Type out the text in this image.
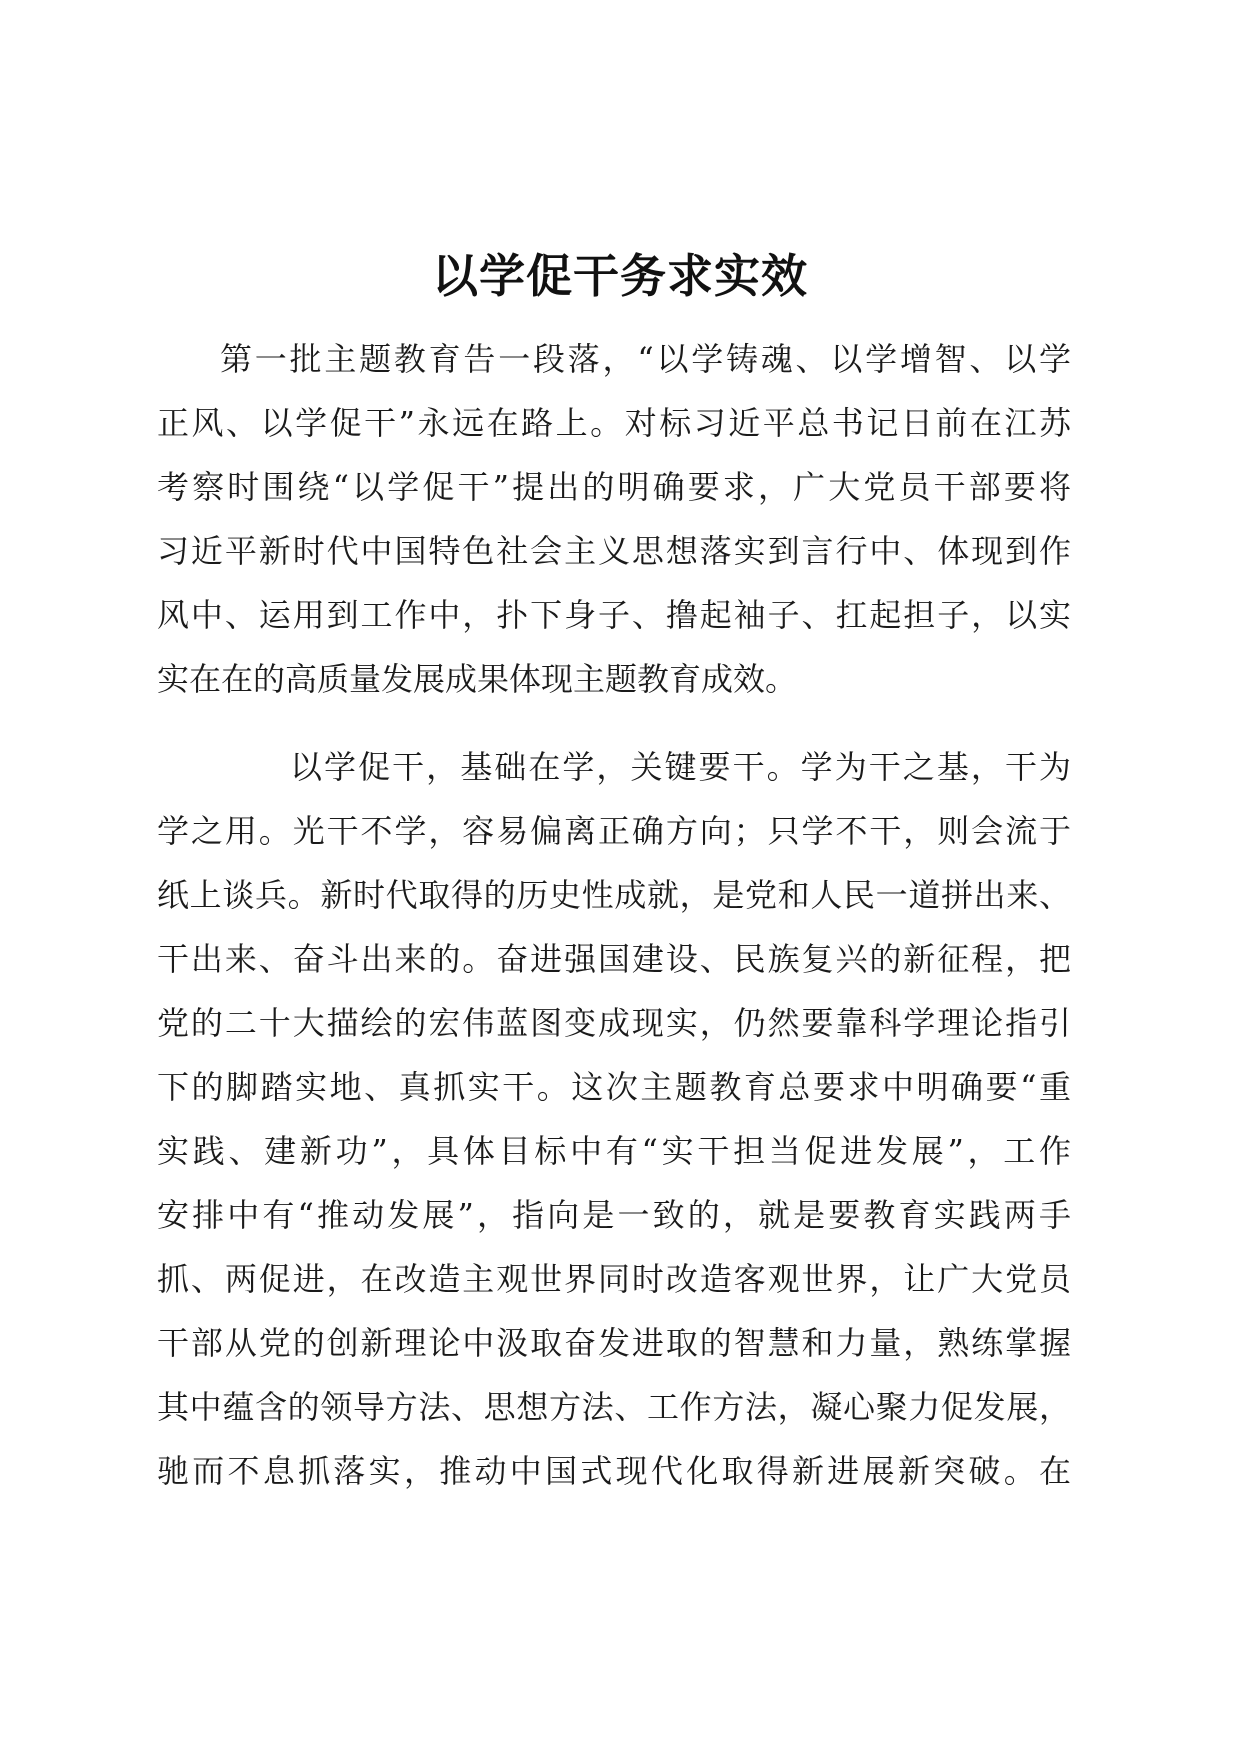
以学促干务求实效
第一批主题教育告一段落，“以学铸魂、以学增智、以学
正风、以学促干”永远在路上。对标习近平总书记日前在江苏
考察时围绕“以学促干”提出的明确要求，广大党员干部要将
习近平新时代中国特色社会主义思想落实到言行中、体现到作
风中、运用到工作中，扑下身子、撸起袖子、扛起担子，以实
实在在的高质量发展成果体现主题教育成效。
以学促干，基础在学，关键要干。学为干之基，干为
学之用。光干不学，容易偏离正确方向；只学不干，则会流于
纸上谈兵。新时代取得的历史性成就，是党和人民一道拼出来、
干出来、奋斗出来的。奋进强国建设、民族复兴的新征程，把
党的二十大描绘的宏伟蓝图变成现实，仍然要靠科学理论指引
下的脚踏实地、真抓实干。这次主题教育总要求中明确要“重
实践、建新功”，具体目标中有“实干担当促进发展”，工作
安排中有“推动发展”，指向是一致的，就是要教育实践两手
抓、两促进，在改造主观世界同时改造客观世界，让广大党员
干部从党的创新理论中汲取奋发进取的智慧和力量，熟练掌握
其中蕴含的领导方法、思想方法、工作方法，凝心聚力促发展，
驰而不息抓落实，推动中国式现代化取得新进展新突破。在
